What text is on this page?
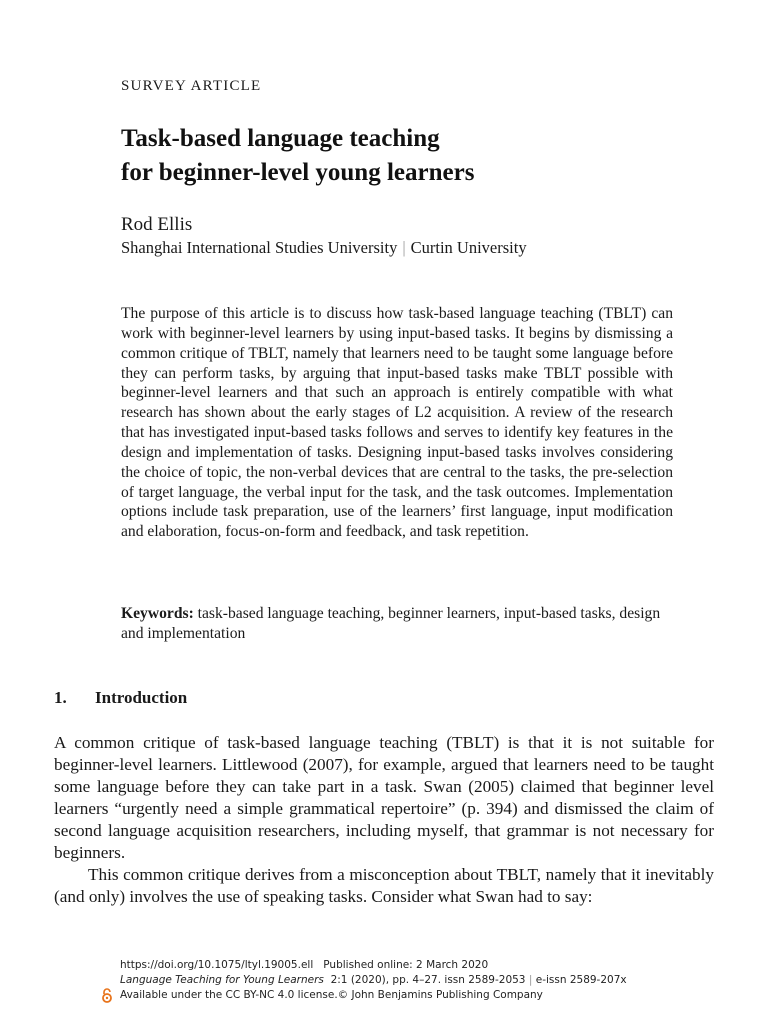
SURVEY ARTICLE
Task-based language teaching
for beginner-level young learners
Rod Ellis
Shanghai International Studies University | Curtin University

The purpose of this article is to discuss how task-based language teaching (TBLT) can work with beginner-level learners by using input-based tasks. It begins by dismissing a common critique of TBLT, namely that learners need to be taught some language before they can perform tasks, by arguing that input-based tasks make TBLT possible with beginner-level learners and that such an approach is entirely compatible with what research has shown about the early stages of L2 acquisition. A review of the research that has investigated input-based tasks follows and serves to identify key features in the design and implementation of tasks. Designing input-based tasks involves considering the choice of topic, the non-verbal devices that are central to the tasks, the pre-selection of target language, the verbal input for the task, and the task outcomes. Implementation options include task preparation, use of the learners’ first language, input modification and elaboration, focus-on-form and feedback, and task repetition.

Keywords: task-based language teaching, beginner learners, input-based tasks, design and implementation

1. Introduction

A common critique of task-based language teaching (TBLT) is that it is not suitable for beginner-level learners. Littlewood (2007), for example, argued that learners need to be taught some language before they can take part in a task. Swan (2005) claimed that beginner level learners “urgently need a simple grammatical repertoire” (p. 394) and dismissed the claim of second language acquisition researchers, including myself, that grammar is not necessary for beginners.

This common critique derives from a misconception about TBLT, namely that it inevitably (and only) involves the use of speaking tasks. Consider what Swan had to say:

https://doi.org/10.1075/ltyl.19005.ell Published online: 2 March 2020
Language Teaching for Young Learners 2:1 (2020), pp. 4–27. issn 2589-2053 | e-issn 2589-207x
Available under the CC BY-NC 4.0 license.© John Benjamins Publishing Company
